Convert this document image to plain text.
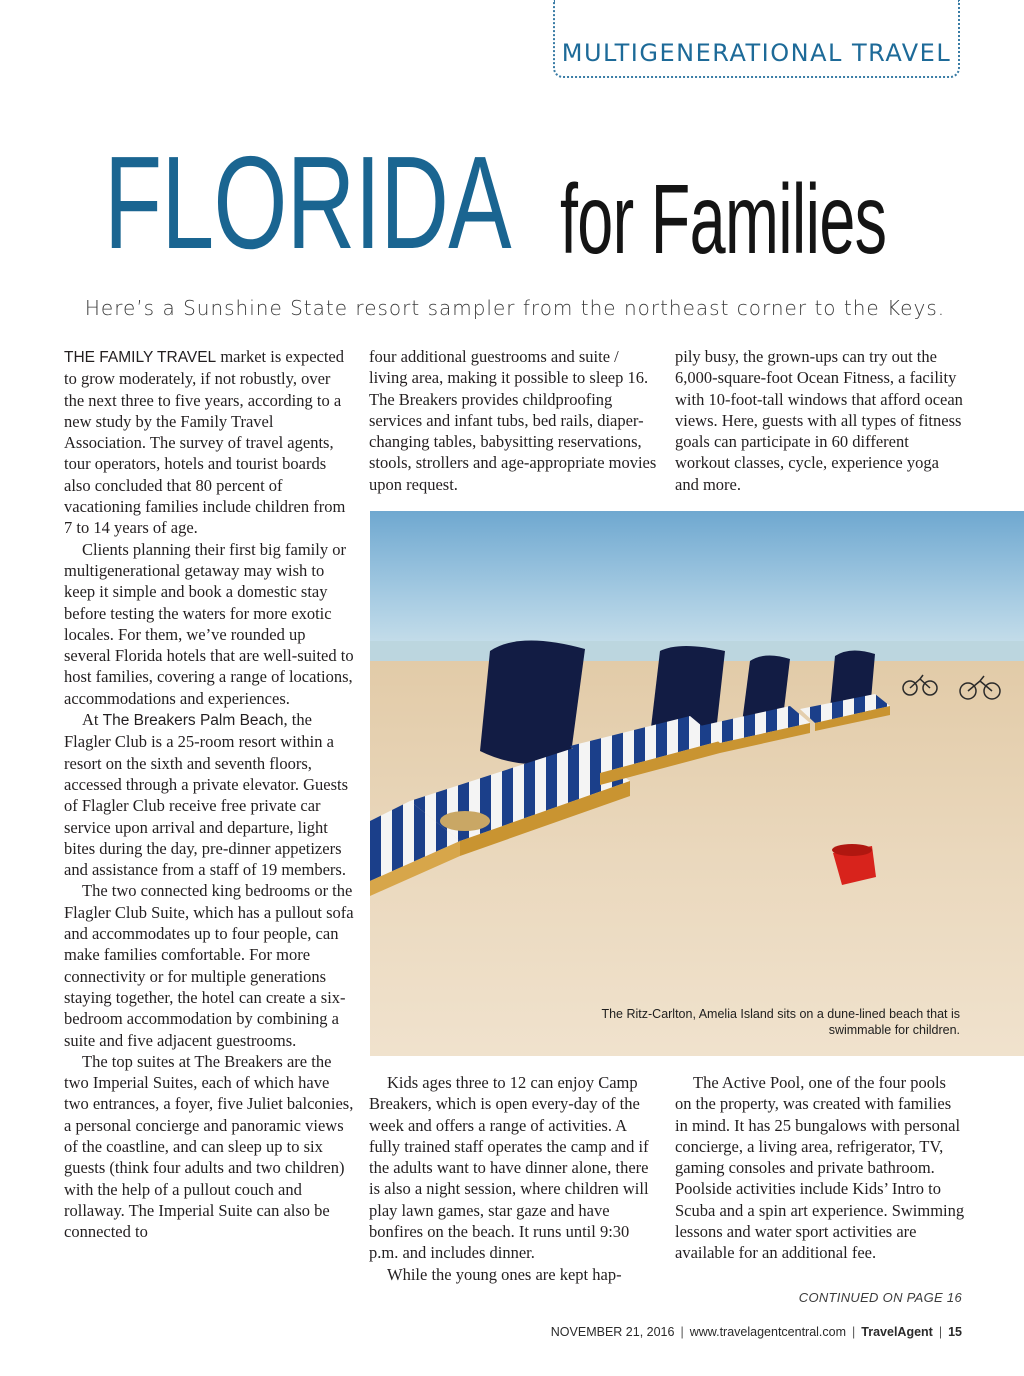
MULTIGENERATIONAL TRAVEL
FLORIDA for Families
Here’s a Sunshine State resort sampler from the northeast corner to the Keys.

THE FAMILY TRAVEL market is expected to grow moderately, if not robustly, over the next three to five years, according to a new study by the Family Travel Association. The survey of travel agents, tour operators, hotels and tourist boards also concluded that 80 percent of vacationing families include children from 7 to 14 years of age.

Clients planning their first big family or multigenerational getaway may wish to keep it simple and book a domestic stay before testing the waters for more exotic locales. For them, we’ve rounded up several Florida hotels that are well-suited to host families, covering a range of locations, accommodations and experiences.

At The Breakers Palm Beach, the Flagler Club is a 25-room resort within a resort on the sixth and seventh floors, accessed through a private elevator. Guests of Flagler Club receive free private car service upon arrival and departure, light bites during the day, pre-dinner appetizers and assistance from a staff of 19 members.

The two connected king bedrooms or the Flagler Club Suite, which has a pullout sofa and accommodates up to four people, can make families comfortable. For more connectivity or for multiple generations staying together, the hotel can create a six-bedroom accommodation by combining a suite and five adjacent guestrooms.

The top suites at The Breakers are the two Imperial Suites, each of which have two entrances, a foyer, five Juliet balconies, a personal concierge and panoramic views of the coastline, and can sleep up to six guests (think four adults and two children) with the help of a pullout couch and rollaway. The Imperial Suite can also be connected to

four additional guestrooms and suite / living area, making it possible to sleep 16. The Breakers provides childproofing services and infant tubs, bed rails, diaper-changing tables, babysitting reservations, stools, strollers and age-appropriate movies upon request.

pily busy, the grown-ups can try out the 6,000-square-foot Ocean Fitness, a facility with 10-foot-tall windows that afford ocean views. Here, guests with all types of fitness goals can participate in 60 different workout classes, cycle, experience yoga and more.

The Ritz-Carlton, Amelia Island sits on a dune-lined beach that is swimmable for children.

Kids ages three to 12 can enjoy Camp Breakers, which is open every-day of the week and offers a range of activities. A fully trained staff operates the camp and if the adults want to have dinner alone, there is also a night session, where children will play lawn games, star gaze and have bonfires on the beach. It runs until 9:30 p.m. and includes dinner.

While the young ones are kept hap-

The Active Pool, one of the four pools on the property, was created with families in mind. It has 25 bungalows with personal concierge, a living area, refrigerator, TV, gaming consoles and private bathroom. Poolside activities include Kids’ Intro to Scuba and a spin art experience. Swimming lessons and water sport activities are available for an additional fee.

CONTINUED ON PAGE 16
NOVEMBER 21, 2016 | www.travelagentcentral.com | TravelAgent | 15
